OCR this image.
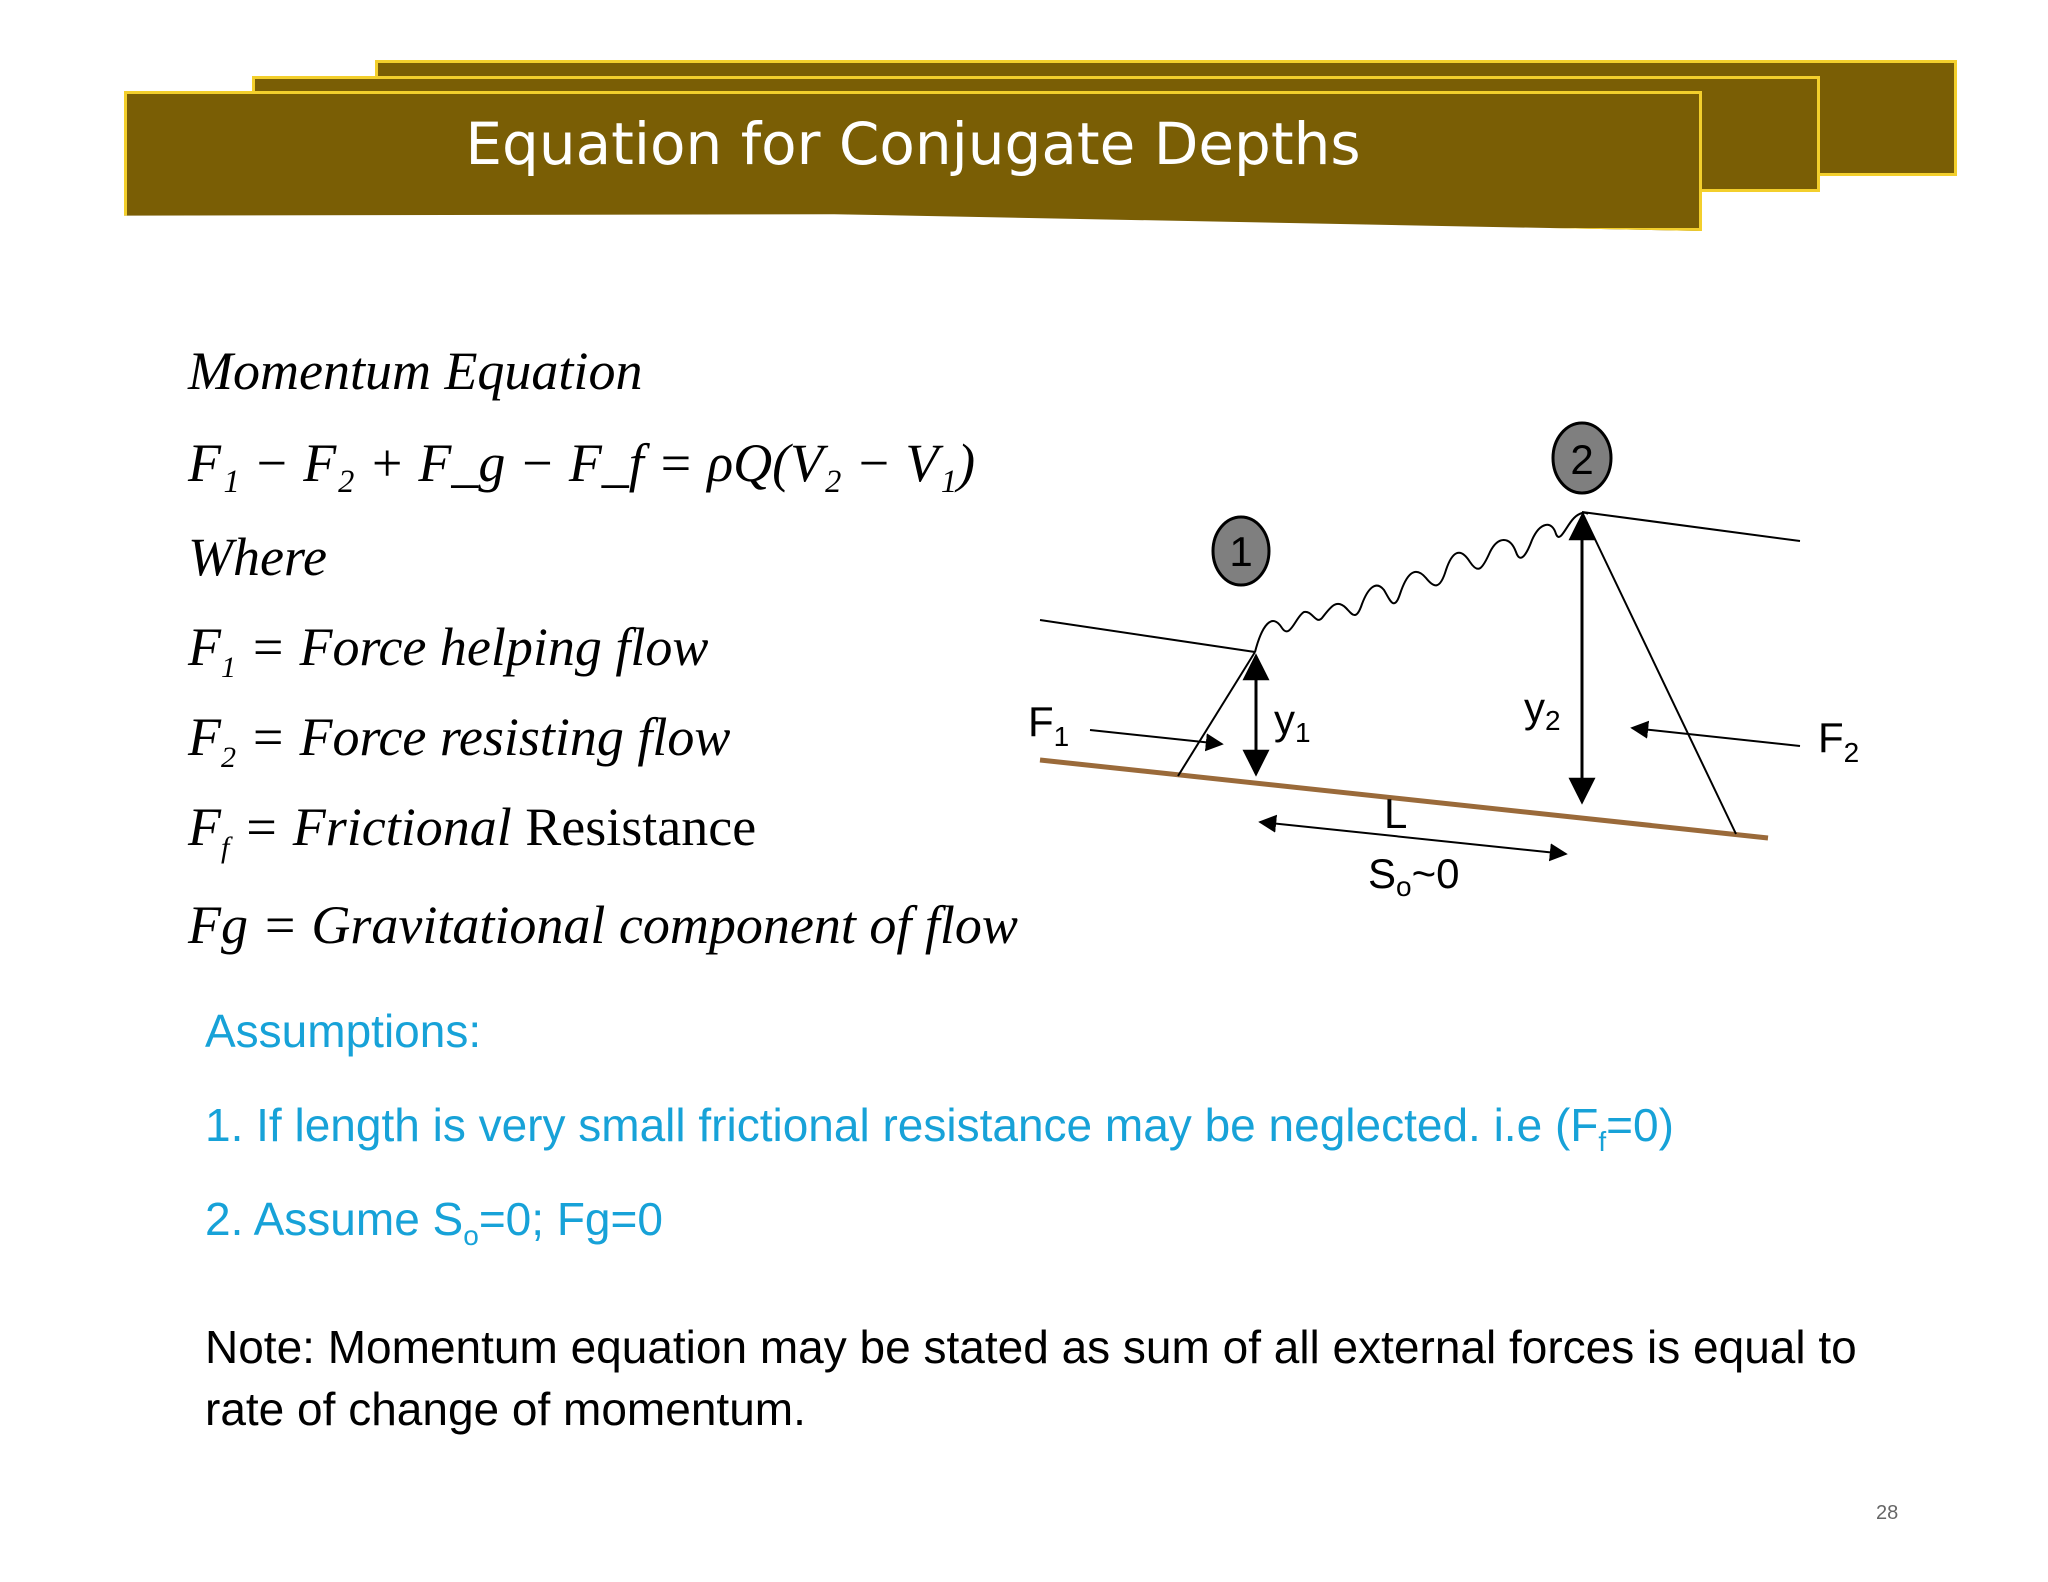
Equation for Conjugate Depths
Momentum Equation
F₁ − F₂ + F_g − F_f = ρQ(V₂ − V₁)
Where
$F_1$ = Force helping flow
$F_2$ = Force resisting flow
$F_f$ = Frictional Resistance
Fg = Gravitational component of flow
1
2
$F_1$	$F_2$
y1
y2
L
So~0
Assumptions:
1. If length is very small frictional resistance may be neglected. i.e $(F_f=0)$
2. Assume $S_o=0$; Fg=0
Note: Momentum equation may be stated as sum of all external forces is equal to rate of change of momentum.
28
